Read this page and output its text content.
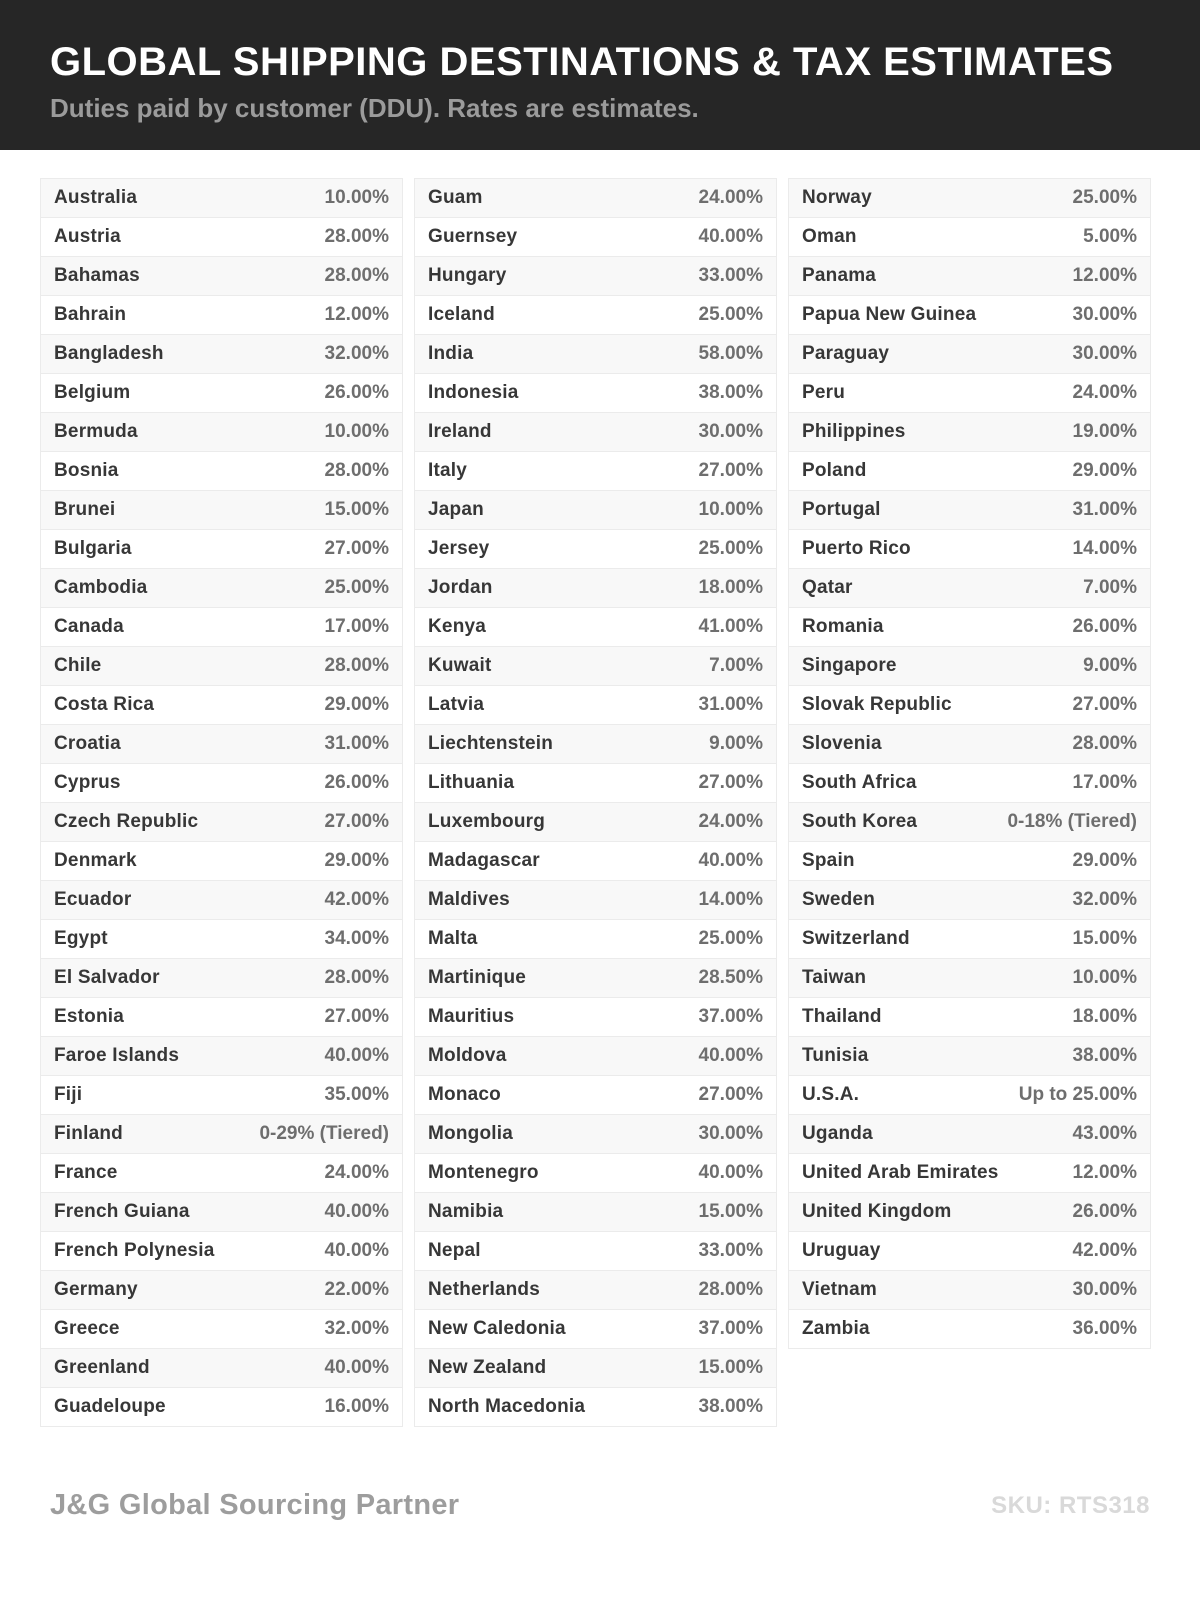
GLOBAL SHIPPING DESTINATIONS & TAX ESTIMATES
Duties paid by customer (DDU). Rates are estimates.
Australia	10.00%
Austria	28.00%
Bahamas	28.00%
Bahrain	12.00%
Bangladesh	32.00%
Belgium	26.00%
Bermuda	10.00%
Bosnia	28.00%
Brunei	15.00%
Bulgaria	27.00%
Cambodia	25.00%
Canada	17.00%
Chile	28.00%
Costa Rica	29.00%
Croatia	31.00%
Cyprus	26.00%
Czech Republic	27.00%
Denmark	29.00%
Ecuador	42.00%
Egypt	34.00%
El Salvador	28.00%
Estonia	27.00%
Faroe Islands	40.00%
Fiji	35.00%
Finland	0-29% (Tiered)
France	24.00%
French Guiana	40.00%
French Polynesia	40.00%
Germany	22.00%
Greece	32.00%
Greenland	40.00%
Guadeloupe	16.00%
Guam	24.00%
Guernsey	40.00%
Hungary	33.00%
Iceland	25.00%
India	58.00%
Indonesia	38.00%
Ireland	30.00%
Italy	27.00%
Japan	10.00%
Jersey	25.00%
Jordan	18.00%
Kenya	41.00%
Kuwait	7.00%
Latvia	31.00%
Liechtenstein	9.00%
Lithuania	27.00%
Luxembourg	24.00%
Madagascar	40.00%
Maldives	14.00%
Malta	25.00%
Martinique	28.50%
Mauritius	37.00%
Moldova	40.00%
Monaco	27.00%
Mongolia	30.00%
Montenegro	40.00%
Namibia	15.00%
Nepal	33.00%
Netherlands	28.00%
New Caledonia	37.00%
New Zealand	15.00%
North Macedonia	38.00%
Norway	25.00%
Oman	5.00%
Panama	12.00%
Papua New Guinea	30.00%
Paraguay	30.00%
Peru	24.00%
Philippines	19.00%
Poland	29.00%
Portugal	31.00%
Puerto Rico	14.00%
Qatar	7.00%
Romania	26.00%
Singapore	9.00%
Slovak Republic	27.00%
Slovenia	28.00%
South Africa	17.00%
South Korea	0-18% (Tiered)
Spain	29.00%
Sweden	32.00%
Switzerland	15.00%
Taiwan	10.00%
Thailand	18.00%
Tunisia	38.00%
U.S.A.	Up to 25.00%
Uganda	43.00%
United Arab Emirates	12.00%
United Kingdom	26.00%
Uruguay	42.00%
Vietnam	30.00%
Zambia	36.00%
J&G Global Sourcing Partner	SKU: RTS318
